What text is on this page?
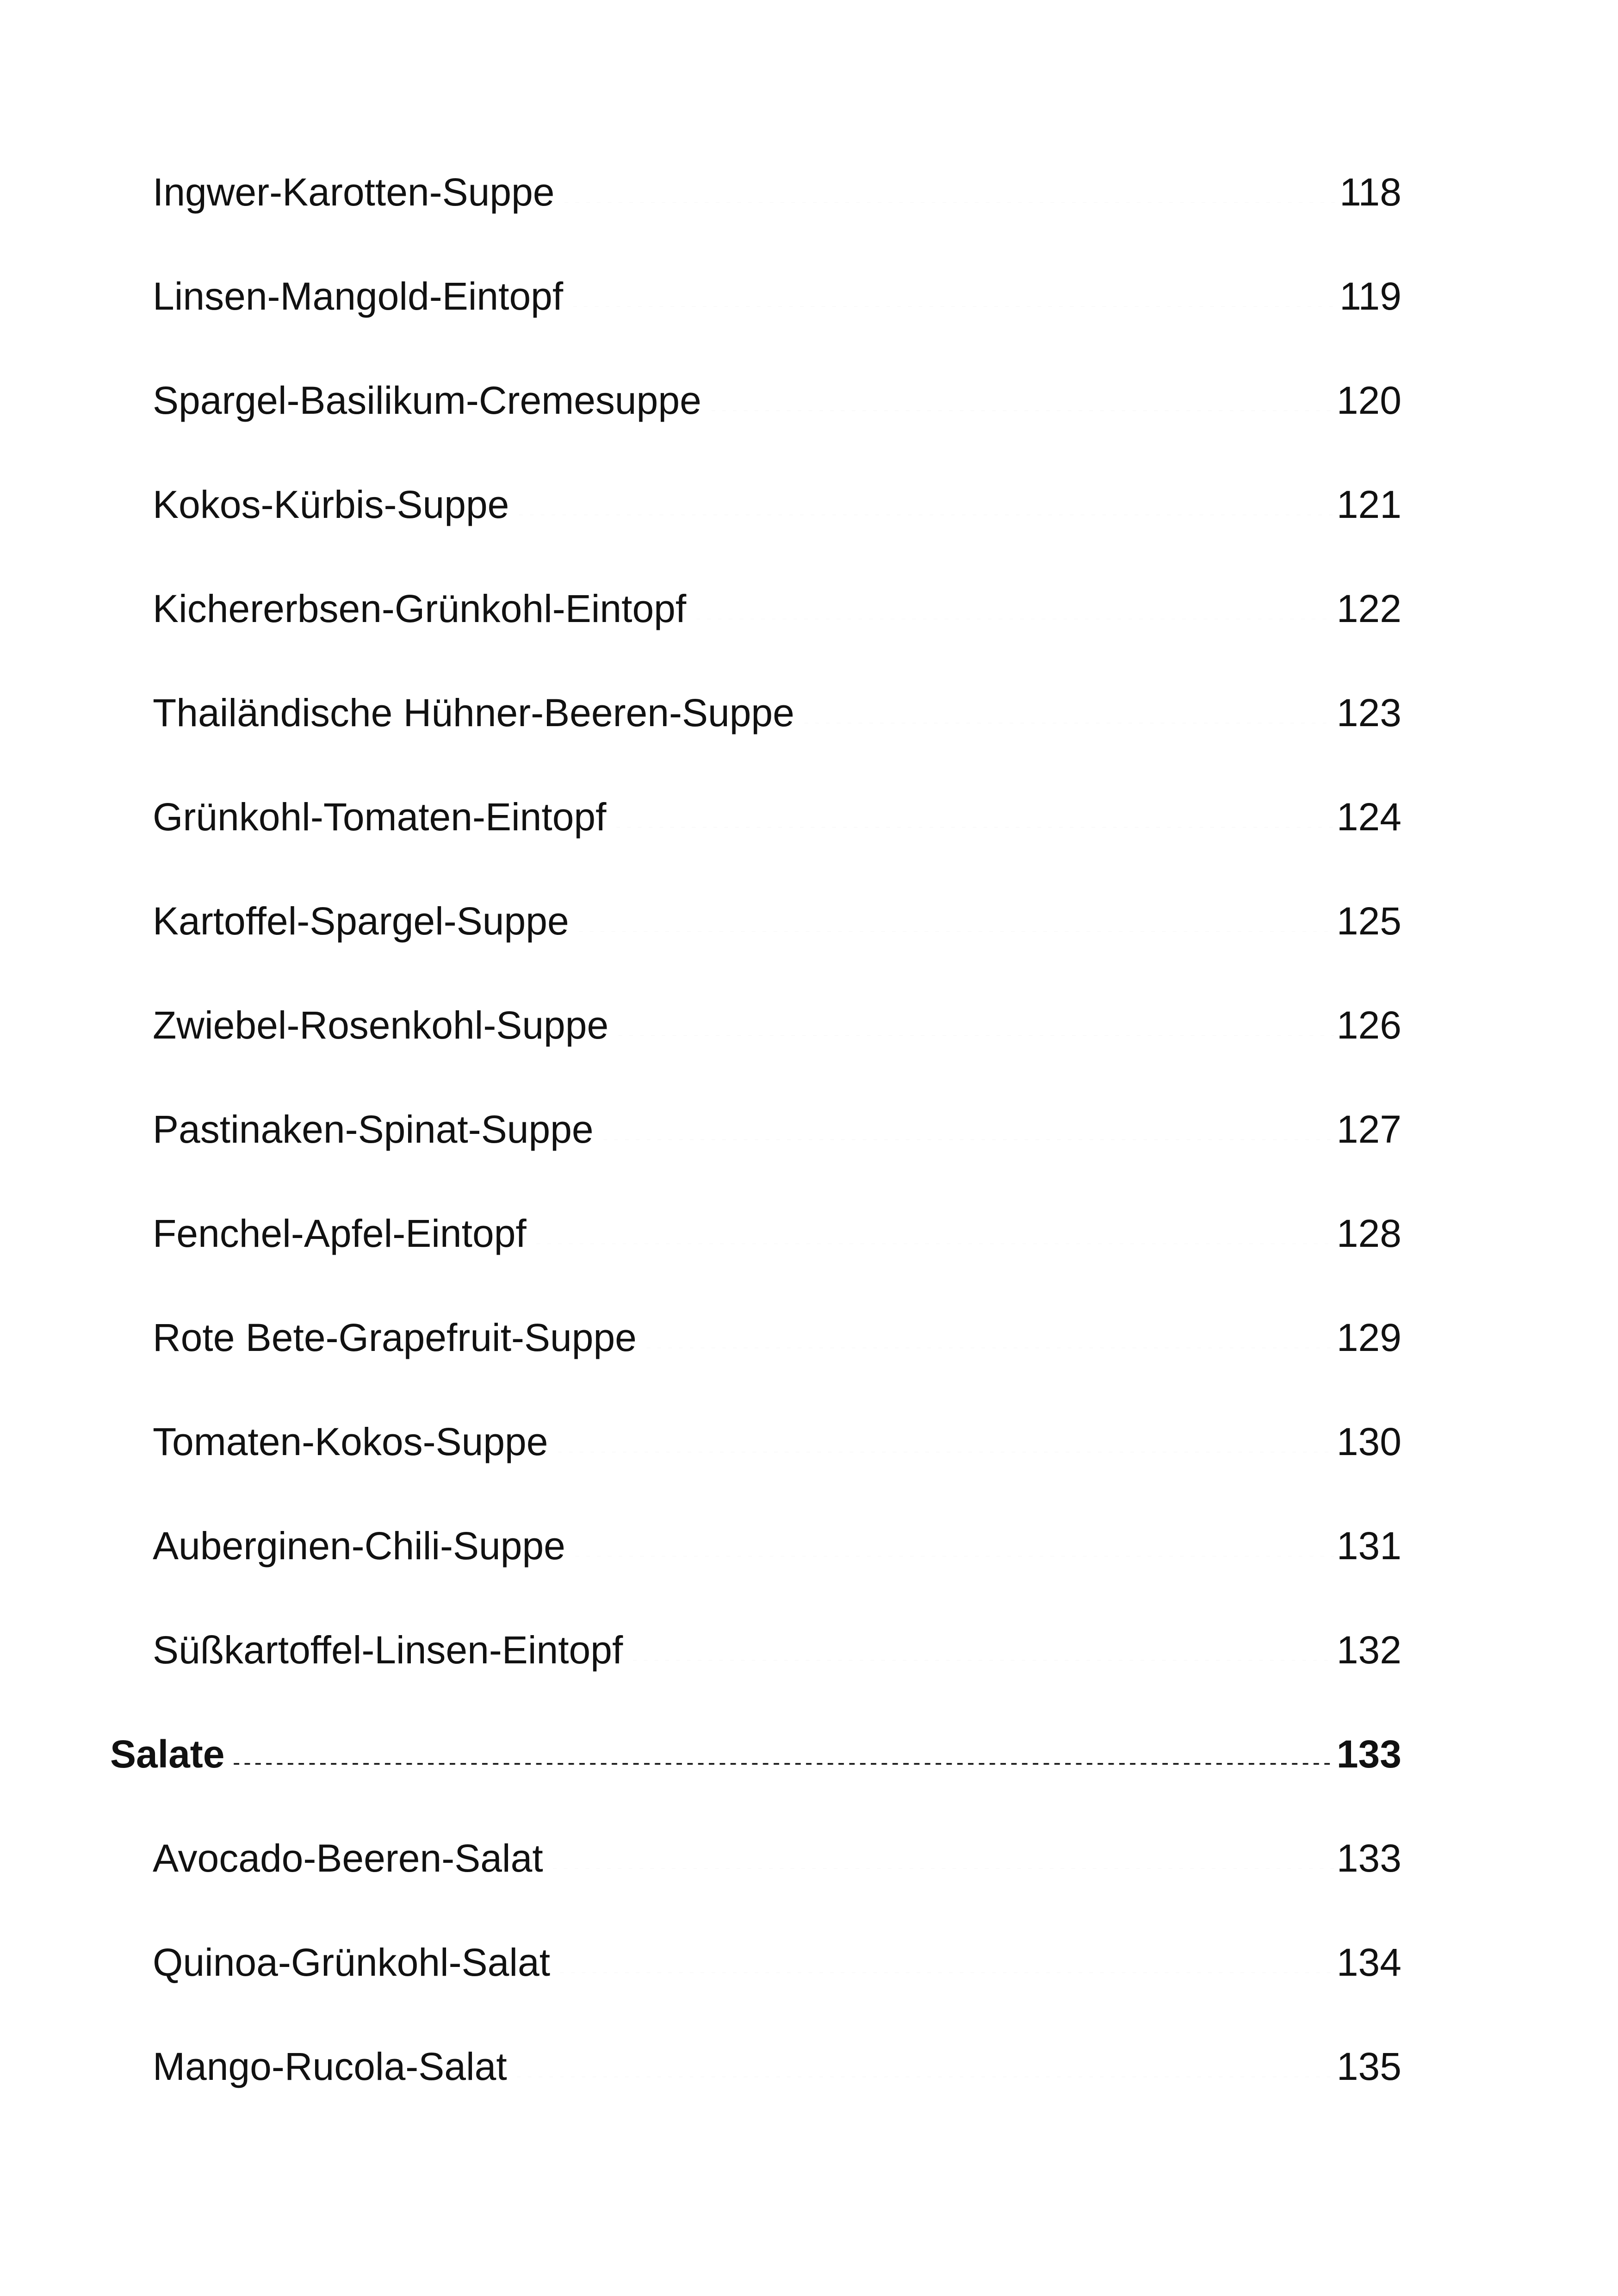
Ingwer-Karotten-Suppe .....	118
Linsen-Mangold-Eintopf .....	119
Spargel-Basilikum-Cremesuppe .....	120
Kokos-Kürbis-Suppe .....	121
Kichererbsen-Grünkohl-Eintopf .....	122
Thailändische Hühner-Beeren-Suppe .....	123
Grünkohl-Tomaten-Eintopf .....	124
Kartoffel-Spargel-Suppe .....	125
Zwiebel-Rosenkohl-Suppe .....	126
Pastinaken-Spinat-Suppe .....	127
Fenchel-Apfel-Eintopf .....	128
Rote Bete-Grapefruit-Suppe .....	129
Tomaten-Kokos-Suppe .....	130
Auberginen-Chili-Suppe .....	131
Süßkartoffel-Linsen-Eintopf .....	132
Salate .....	133
Avocado-Beeren-Salat .....	133
Quinoa-Grünkohl-Salat .....	134
Mango-Rucola-Salat .....	135
